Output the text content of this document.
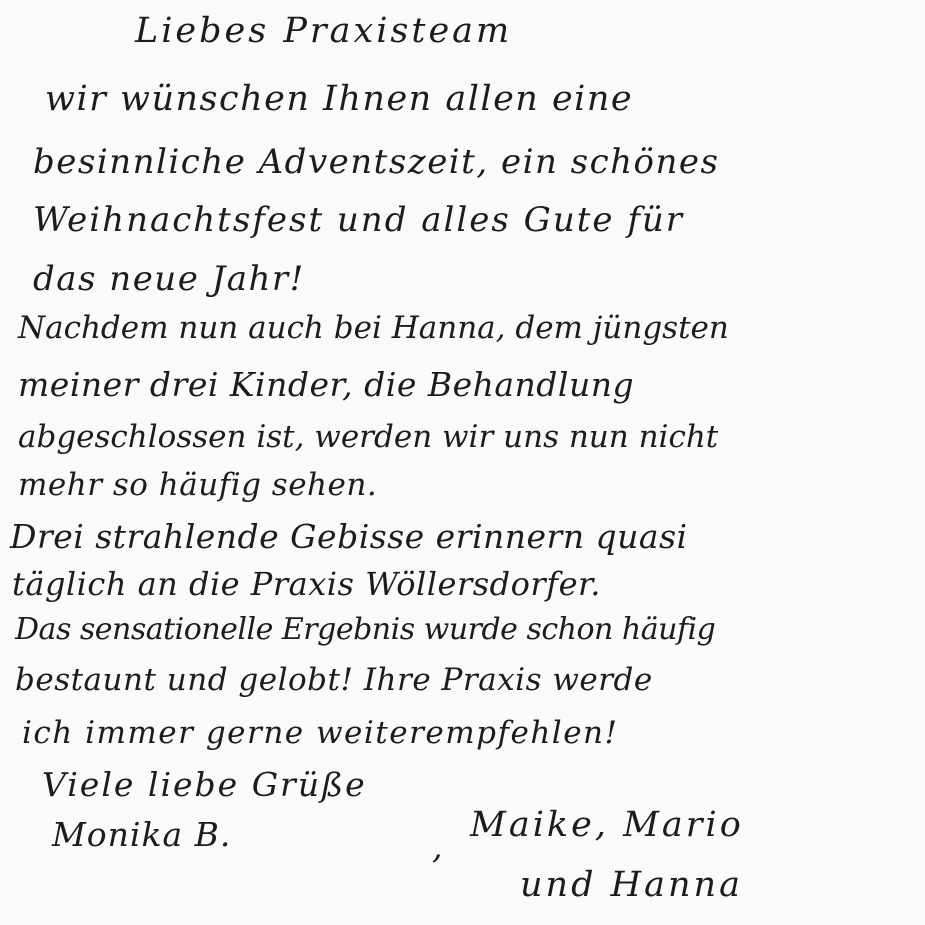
Liebes Praxisteam
wir wünschen Ihnen allen eine
besinnliche Adventszeit, ein schönes
Weihnachtsfest und alles Gute für
das neue Jahr!
Nachdem nun auch bei Hanna, dem jüngsten
meiner drei Kinder, die Behandlung
abgeschlossen ist, werden wir uns nun nicht
mehr so häufig sehen.
Drei strahlende Gebisse erinnern quasi
täglich an die Praxis Wöllersdorfer.
Das sensationelle Ergebnis wurde schon häufig
bestaunt und gelobt! Ihre Praxis werde
ich immer gerne weiterempfehlen!
Viele liebe Grüße
Monika B.	,
Maike, Mario
und Hanna
